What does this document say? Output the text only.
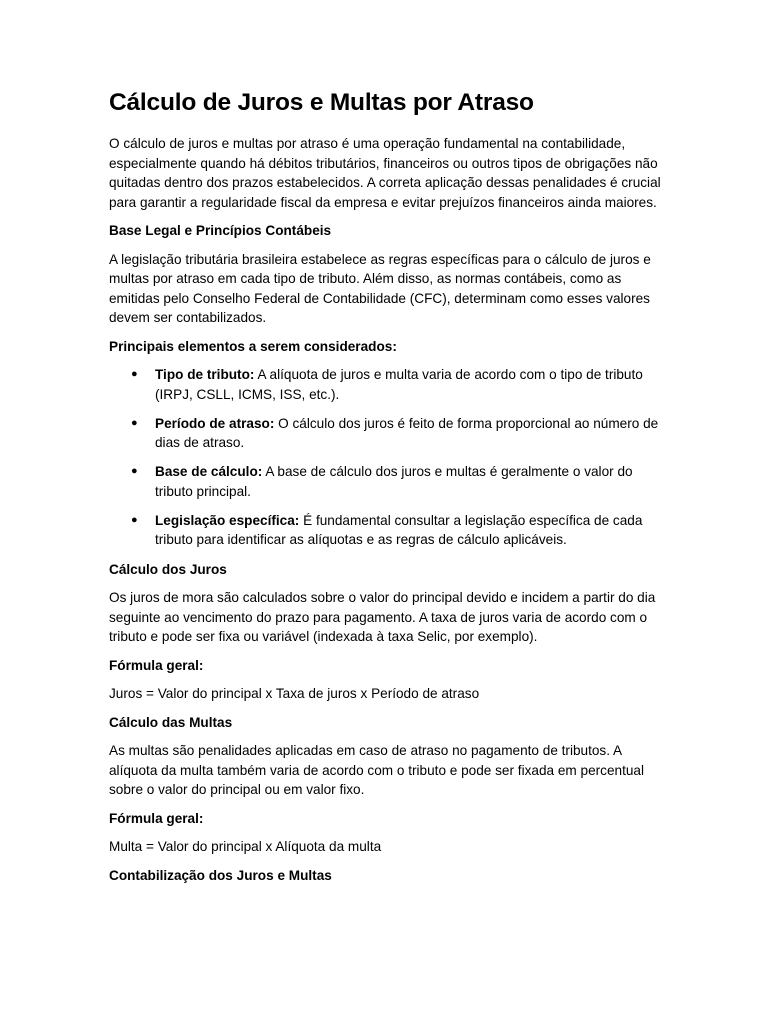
Cálculo de Juros e Multas por Atraso

O cálculo de juros e multas por atraso é uma operação fundamental na contabilidade, especialmente quando há débitos tributários, financeiros ou outros tipos de obrigações não quitadas dentro dos prazos estabelecidos. A correta aplicação dessas penalidades é crucial para garantir a regularidade fiscal da empresa e evitar prejuízos financeiros ainda maiores.

Base Legal e Princípios Contábeis

A legislação tributária brasileira estabelece as regras específicas para o cálculo de juros e multas por atraso em cada tipo de tributo. Além disso, as normas contábeis, como as emitidas pelo Conselho Federal de Contabilidade (CFC), determinam como esses valores devem ser contabilizados.

Principais elementos a serem considerados:

● Tipo de tributo: A alíquota de juros e multa varia de acordo com o tipo de tributo (IRPJ, CSLL, ICMS, ISS, etc.).
● Período de atraso: O cálculo dos juros é feito de forma proporcional ao número de dias de atraso.
● Base de cálculo: A base de cálculo dos juros e multas é geralmente o valor do tributo principal.
● Legislação específica: É fundamental consultar a legislação específica de cada tributo para identificar as alíquotas e as regras de cálculo aplicáveis.

Cálculo dos Juros

Os juros de mora são calculados sobre o valor do principal devido e incidem a partir do dia seguinte ao vencimento do prazo para pagamento. A taxa de juros varia de acordo com o tributo e pode ser fixa ou variável (indexada à taxa Selic, por exemplo).

Fórmula geral:

Juros = Valor do principal x Taxa de juros x Período de atraso

Cálculo das Multas

As multas são penalidades aplicadas em caso de atraso no pagamento de tributos. A alíquota da multa também varia de acordo com o tributo e pode ser fixada em percentual sobre o valor do principal ou em valor fixo.

Fórmula geral:

Multa = Valor do principal x Alíquota da multa

Contabilização dos Juros e Multas
